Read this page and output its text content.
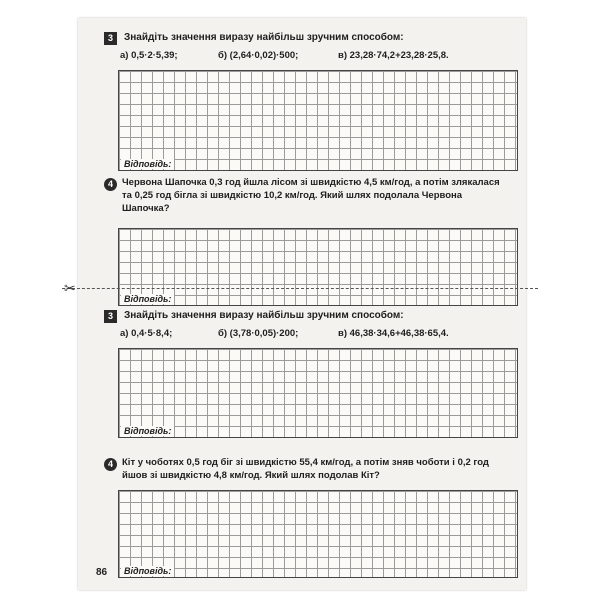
3	Знайдіть значення виразу найбільш зручним способом:
а) 0,5·2·5,39;	б) (2,64·0,02)·500;	в) 23,28·74,2+23,28·25,8.
Відповідь:
4 Червона Шапочка 0,3 год йшла лісом зі швидкістю 4,5 км/год, а потім злякалася та 0,25 год бігла зі швидкістю 10,2 км/год. Який шлях подолала Червона Шапочка?
Відповідь:
3	Знайдіть значення виразу найбільш зручним способом:
а) 0,4·5·8,4;	б) (3,78·0,05)·200;	в) 46,38·34,6+46,38·65,4.
Відповідь:
4 Кіт у чоботях 0,5 год біг зі швидкістю 55,4 км/год, а потім зняв чоботи і 0,2 год йшов зі швидкістю 4,8 км/год. Який шлях подолав Кіт?
Відповідь:
86
✂
